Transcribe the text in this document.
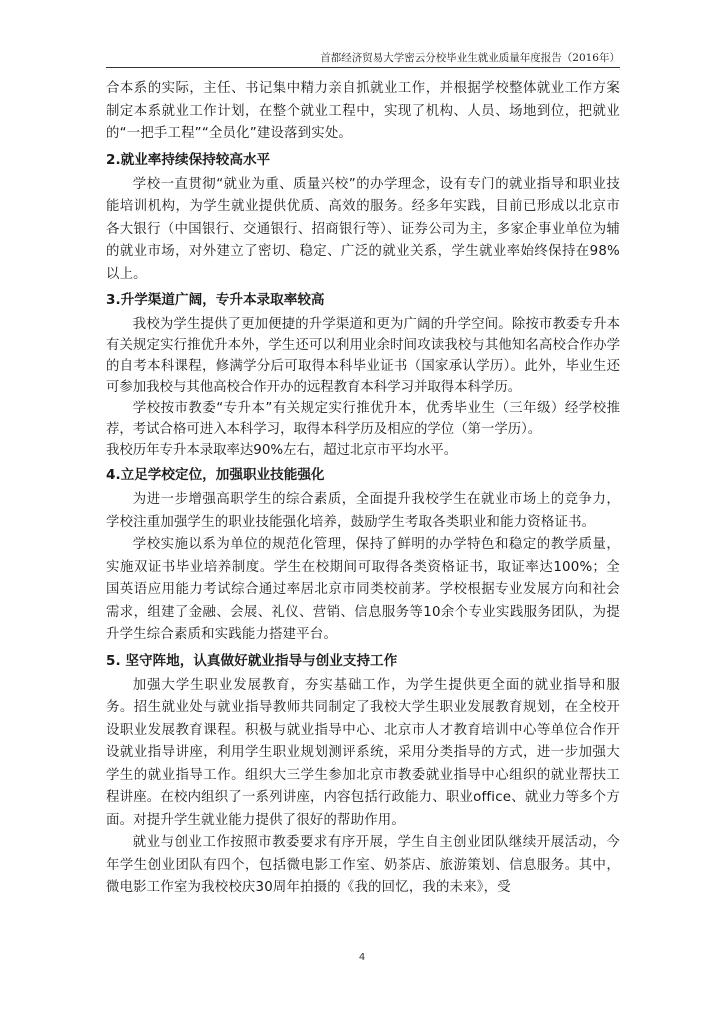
首都经济贸易大学密云分校毕业生就业质量年度报告（2016年）

合本系的实际，主任、书记集中精力亲自抓就业工作，并根据学校整体就业工作方案制定本系就业工作计划，在整个就业工程中，实现了机构、人员、场地到位，把就业的“一把手工程”“全员化”建设落到实处。

2.就业率持续保持较高水平

学校一直贯彻“就业为重、质量兴校”的办学理念，设有专门的就业指导和职业技能培训机构，为学生就业提供优质、高效的服务。经多年实践，目前已形成以北京市各大银行（中国银行、交通银行、招商银行等）、证券公司为主，多家企事业单位为辅的就业市场，对外建立了密切、稳定、广泛的就业关系，学生就业率始终保持在98%以上。

3.升学渠道广阔，专升本录取率较高

我校为学生提供了更加便捷的升学渠道和更为广阔的升学空间。除按市教委专升本有关规定实行推优升本外，学生还可以利用业余时间攻读我校与其他知名高校合作办学的自考本科课程，修满学分后可取得本科毕业证书（国家承认学历）。此外，毕业生还可参加我校与其他高校合作开办的远程教育本科学习并取得本科学历。

学校按市教委“专升本”有关规定实行推优升本，优秀毕业生（三年级）经学校推荐，考试合格可进入本科学习，取得本科学历及相应的学位（第一学历）。

我校历年专升本录取率达90%左右，超过北京市平均水平。

4.立足学校定位，加强职业技能强化

为进一步增强高职学生的综合素质，全面提升我校学生在就业市场上的竞争力，学校注重加强学生的职业技能强化培养，鼓励学生考取各类职业和能力资格证书。

学校实施以系为单位的规范化管理，保持了鲜明的办学特色和稳定的教学质量，实施双证书毕业培养制度。学生在校期间可取得各类资格证书，取证率达100%；全国英语应用能力考试综合通过率居北京市同类校前茅。学校根据专业发展方向和社会需求，组建了金融、会展、礼仪、营销、信息服务等10余个专业实践服务团队，为提升学生综合素质和实践能力搭建平台。

5. 坚守阵地，认真做好就业指导与创业支持工作

加强大学生职业发展教育，夯实基础工作，为学生提供更全面的就业指导和服务。招生就业处与就业指导教师共同制定了我校大学生职业发展教育规划，在全校开设职业发展教育课程。积极与就业指导中心、北京市人才教育培训中心等单位合作开设就业指导讲座，利用学生职业规划测评系统，采用分类指导的方式，进一步加强大学生的就业指导工作。组织大三学生参加北京市教委就业指导中心组织的就业帮扶工程讲座。在校内组织了一系列讲座，内容包括行政能力、职业office、就业力等多个方面。对提升学生就业能力提供了很好的帮助作用。

就业与创业工作按照市教委要求有序开展，学生自主创业团队继续开展活动，今年学生创业团队有四个，包括微电影工作室、奶茶店、旅游策划、信息服务。其中，微电影工作室为我校校庆30周年拍摄的《我的回忆，我的未来》，受

4
